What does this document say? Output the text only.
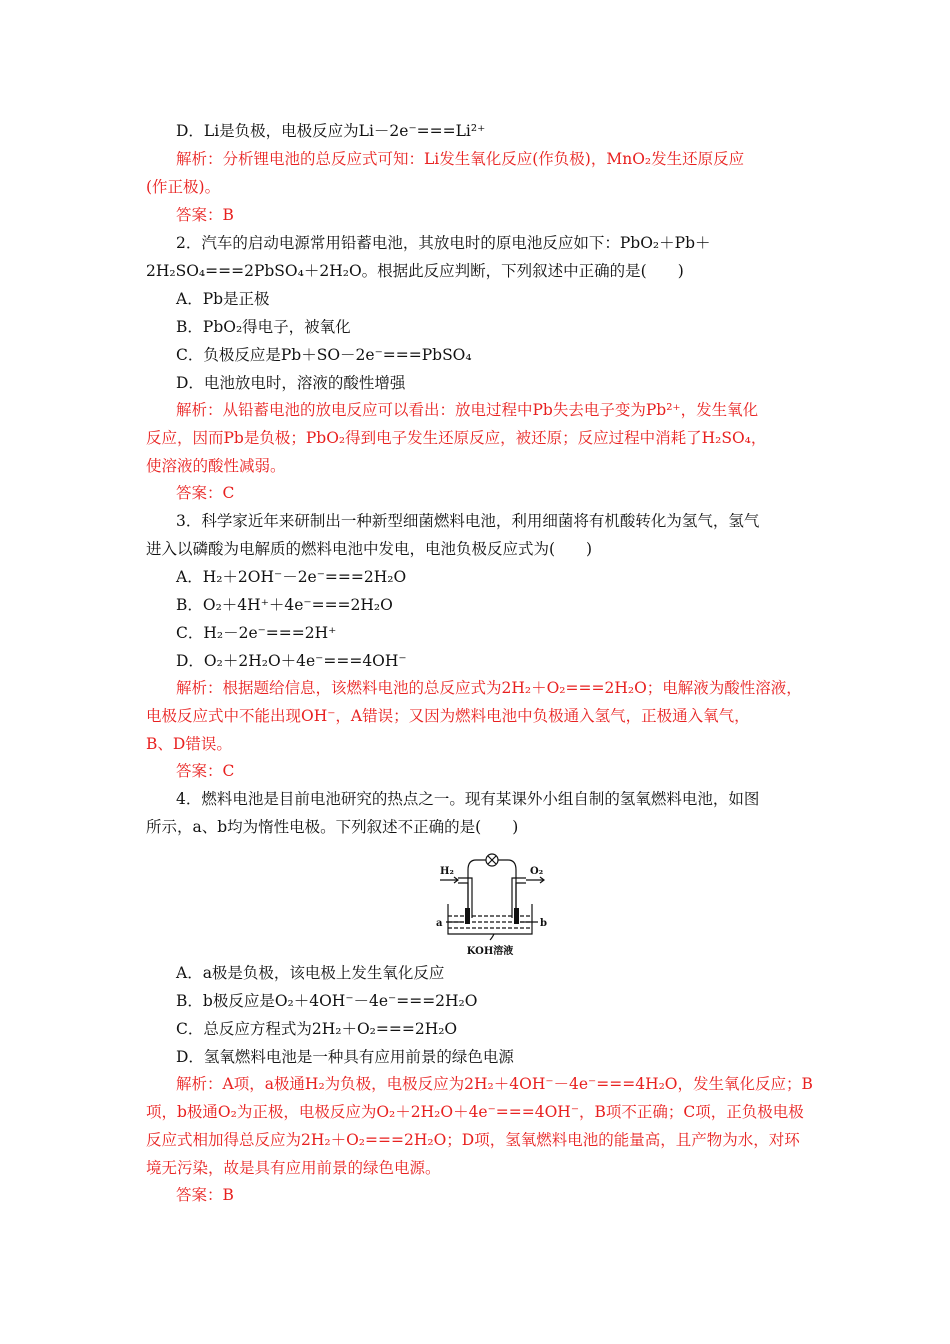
D．Li是负极，电极反应为Li－2e⁻===Li²⁺
解析：分析锂电池的总反应式可知：Li发生氧化反应(作负极)，MnO₂发生还原反应
(作正极)。
答案：B
2．汽车的启动电源常用铅蓄电池，其放电时的原电池反应如下：PbO₂＋Pb＋
2H₂SO₄===2PbSO₄＋2H₂O。根据此反应判断，下列叙述中正确的是(　　)
A．Pb是正极
B．PbO₂得电子，被氧化
C．负极反应是Pb＋SO－2e⁻===PbSO₄
D．电池放电时，溶液的酸性增强
解析：从铅蓄电池的放电反应可以看出：放电过程中Pb失去电子变为Pb²⁺，发生氧化
反应，因而Pb是负极；PbO₂得到电子发生还原反应，被还原；反应过程中消耗了H₂SO₄，
使溶液的酸性减弱。
答案：C
3．科学家近年来研制出一种新型细菌燃料电池，利用细菌将有机酸转化为氢气，氢气
进入以磷酸为电解质的燃料电池中发电，电池负极反应式为(　　)
A．H₂＋2OH⁻－2e⁻===2H₂O
B．O₂＋4H⁺＋4e⁻===2H₂O
C．H₂－2e⁻===2H⁺
D．O₂＋2H₂O＋4e⁻===4OH⁻
解析：根据题给信息，该燃料电池的总反应式为2H₂＋O₂===2H₂O；电解液为酸性溶液，
电极反应式中不能出现OH⁻，A错误；又因为燃料电池中负极通入氢气，正极通入氧气，
B、D错误。
答案：C
4．燃料电池是目前电池研究的热点之一。现有某课外小组自制的氢氧燃料电池，如图
所示，a、b均为惰性电极。下列叙述不正确的是(　　)
H₂	O₂
a	b
KOH溶液
A．a极是负极，该电极上发生氧化反应
B．b极反应是O₂＋4OH⁻－4e⁻===2H₂O
C．总反应方程式为2H₂＋O₂===2H₂O
D．氢氧燃料电池是一种具有应用前景的绿色电源
解析：A项，a极通H₂为负极，电极反应为2H₂＋4OH⁻－4e⁻===4H₂O，发生氧化反应；B
项，b极通O₂为正极，电极反应为O₂＋2H₂O＋4e⁻===4OH⁻，B项不正确；C项，正负极电极
反应式相加得总反应为2H₂＋O₂===2H₂O；D项，氢氧燃料电池的能量高，且产物为水，对环
境无污染，故是具有应用前景的绿色电源。
答案：B
